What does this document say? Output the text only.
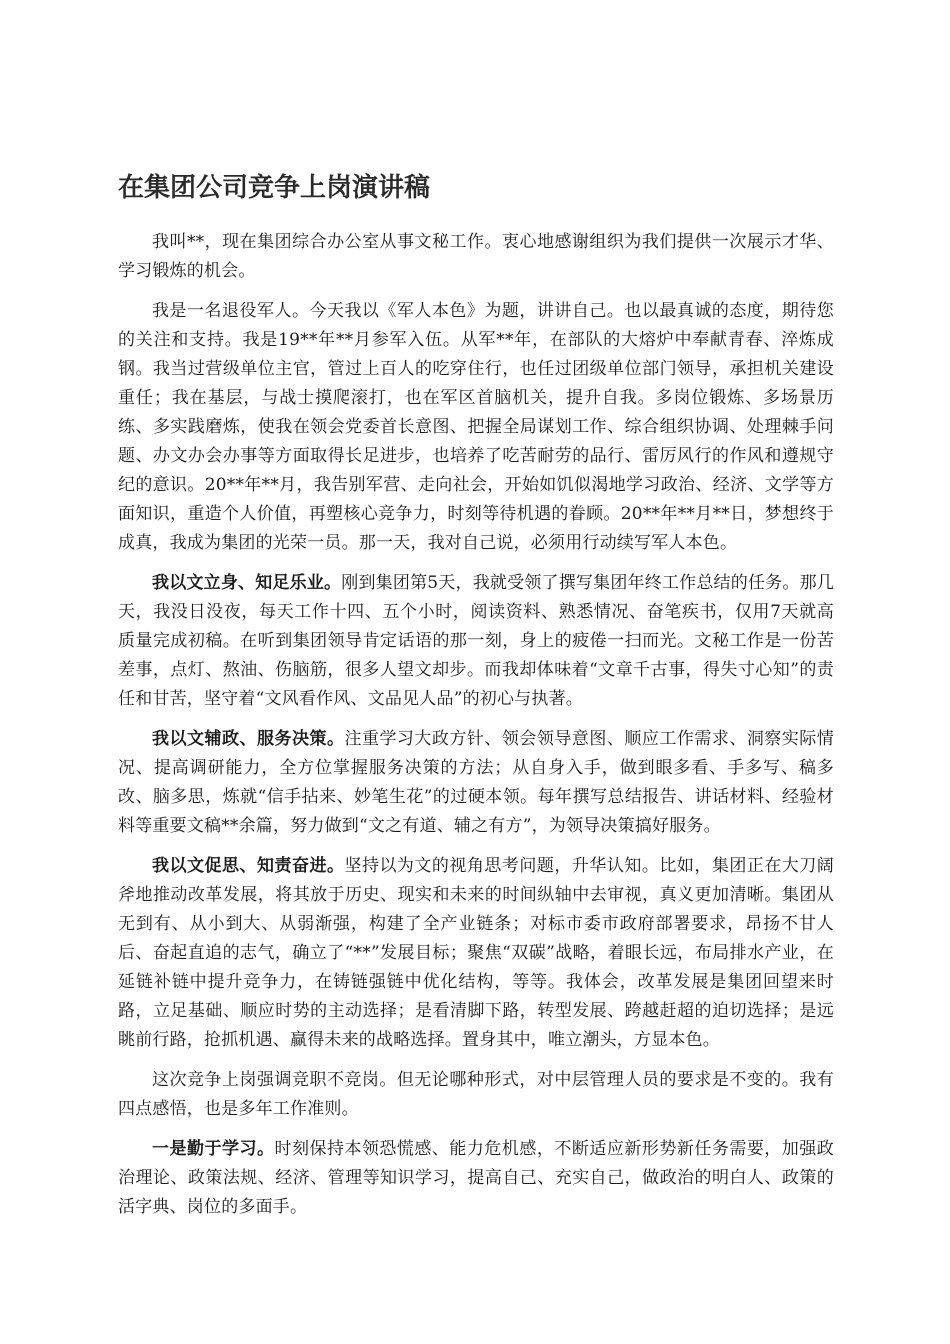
在集团公司竞争上岗演讲稿

我叫**，现在集团综合办公室从事文秘工作。衷心地感谢组织为我们提供一次展示才华、学习锻炼的机会。

我是一名退役军人。今天我以《军人本色》为题，讲讲自己。也以最真诚的态度，期待您的关注和支持。我是19**年**月参军入伍。从军**年，在部队的大熔炉中奉献青春、淬炼成钢。我当过营级单位主官，管过上百人的吃穿住行，也任过团级单位部门领导，承担机关建设重任；我在基层，与战士摸爬滚打，也在军区首脑机关，提升自我。多岗位锻炼、多场景历练、多实践磨炼，使我在领会党委首长意图、把握全局谋划工作、综合组织协调、处理棘手问题、办文办会办事等方面取得长足进步，也培养了吃苦耐劳的品行、雷厉风行的作风和遵规守纪的意识。20**年**月，我告别军营、走向社会，开始如饥似渴地学习政治、经济、文学等方面知识，重造个人价值，再塑核心竞争力，时刻等待机遇的眷顾。20**年**月**日，梦想终于成真，我成为集团的光荣一员。那一天，我对自己说，必须用行动续写军人本色。

我以文立身、知足乐业。刚到集团第5天，我就受领了撰写集团年终工作总结的任务。那几天，我没日没夜，每天工作十四、五个小时，阅读资料、熟悉情况、奋笔疾书，仅用7天就高质量完成初稿。在听到集团领导肯定话语的那一刻，身上的疲倦一扫而光。文秘工作是一份苦差事，点灯、熬油、伤脑筋，很多人望文却步。而我却体味着“文章千古事，得失寸心知”的责任和甘苦，坚守着“文风看作风、文品见人品”的初心与执著。

我以文辅政、服务决策。注重学习大政方针、领会领导意图、顺应工作需求、洞察实际情况、提高调研能力，全方位掌握服务决策的方法；从自身入手，做到眼多看、手多写、稿多改、脑多思，炼就“信手拈来、妙笔生花”的过硬本领。每年撰写总结报告、讲话材料、经验材料等重要文稿**余篇，努力做到“文之有道、辅之有方”，为领导决策搞好服务。

我以文促思、知责奋进。坚持以为文的视角思考问题，升华认知。比如，集团正在大刀阔斧地推动改革发展，将其放于历史、现实和未来的时间纵轴中去审视，真义更加清晰。集团从无到有、从小到大、从弱渐强，构建了全产业链条；对标市委市政府部署要求，昂扬不甘人后、奋起直追的志气，确立了“**”发展目标；聚焦“双碳”战略，着眼长远，布局排水产业，在延链补链中提升竞争力，在铸链强链中优化结构，等等。我体会，改革发展是集团回望来时路，立足基础、顺应时势的主动选择；是看清脚下路，转型发展、跨越赶超的迫切选择；是远眺前行路，抢抓机遇、赢得未来的战略选择。置身其中，唯立潮头，方显本色。

这次竞争上岗强调竞职不竞岗。但无论哪种形式，对中层管理人员的要求是不变的。我有四点感悟，也是多年工作准则。

一是勤于学习。时刻保持本领恐慌感、能力危机感，不断适应新形势新任务需要，加强政治理论、政策法规、经济、管理等知识学习，提高自己、充实自己，做政治的明白人、政策的活字典、岗位的多面手。
